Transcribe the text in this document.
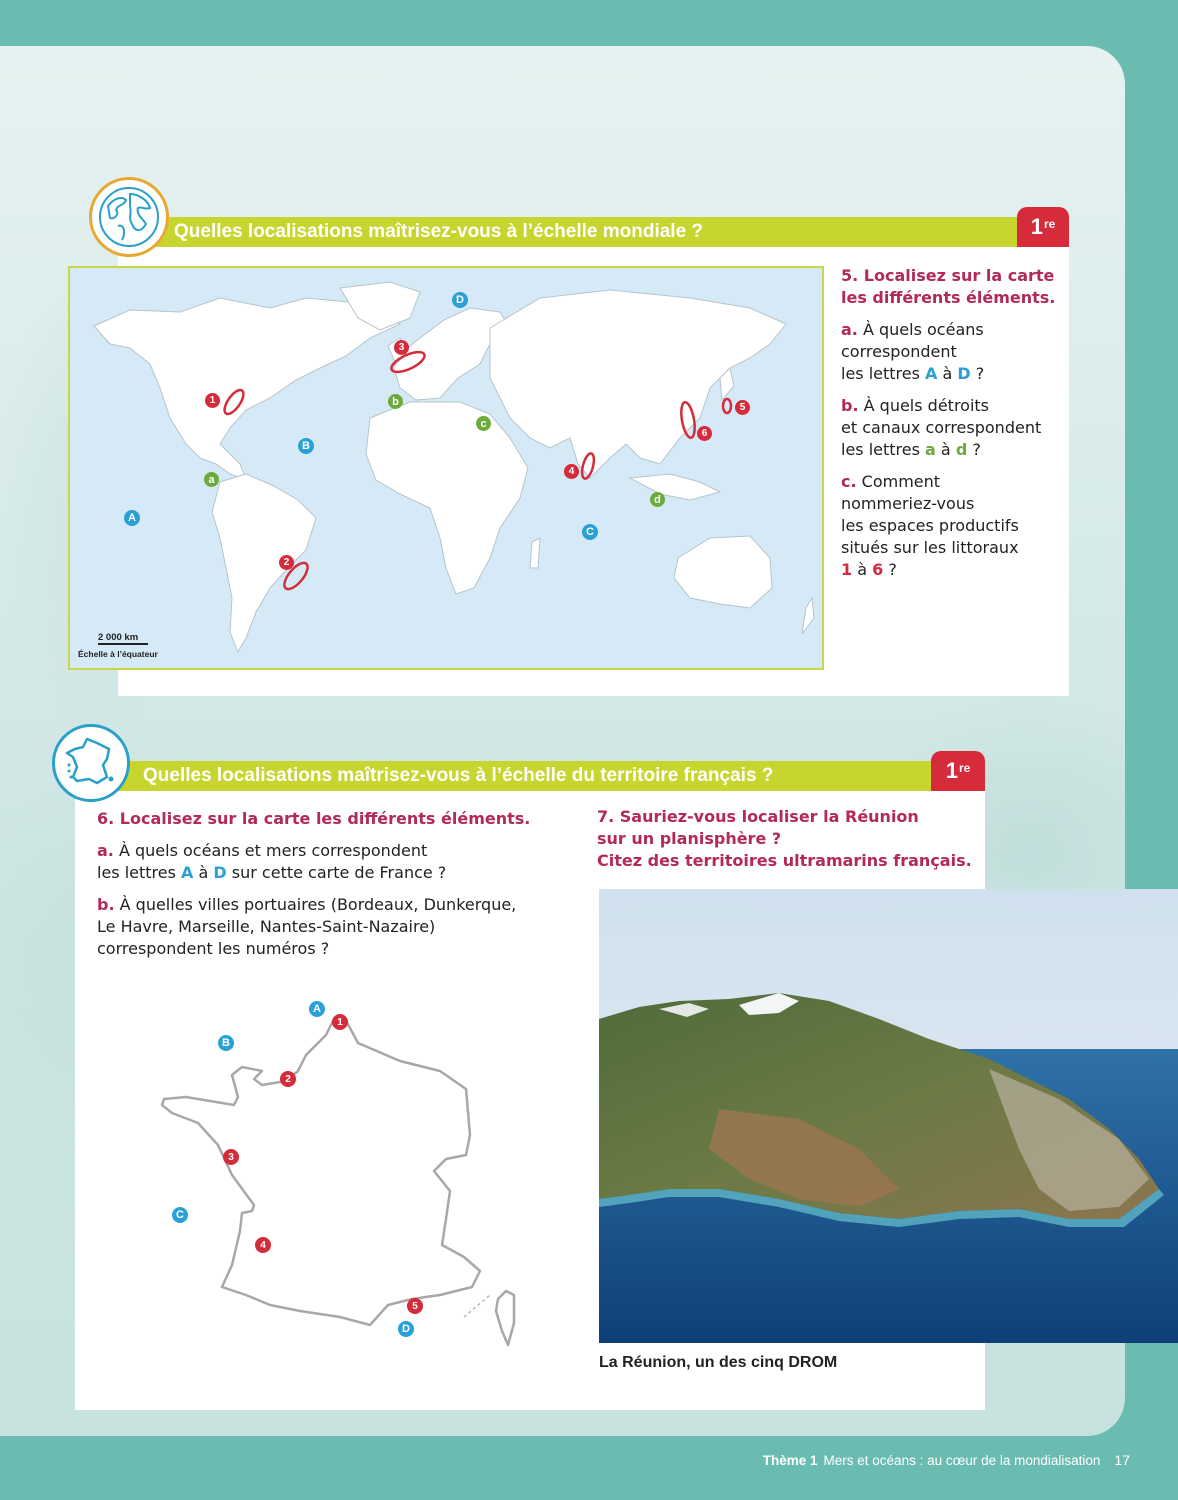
Quelles localisations maîtrisez-vous à l’échelle mondiale ?	1re
A
B
C
D
a
b
c
d
1
2
3
4
5
6
2 000 km
Échelle à l’équateur
5. Localisez sur la carte
les différents éléments.
a. À quels océans
correspondent
les lettres A à D ?
b. À quels détroits
et canaux correspondent
les lettres a à d ?
c. Comment
nommeriez-vous
les espaces productifs
situés sur les littoraux
1 à 6 ?
Quelles localisations maîtrisez-vous à l’échelle du territoire français ?	1re
6. Localisez sur la carte les différents éléments.
a. À quels océans et mers correspondent
les lettres A à D sur cette carte de France ?
b. À quelles villes portuaires (Bordeaux, Dunkerque,
Le Havre, Marseille, Nantes-Saint-Nazaire)
correspondent les numéros ?
A
B
C
D
1
2
3
4
5
7. Sauriez-vous localiser la Réunion
sur un planisphère ?
Citez des territoires ultramarins français.
La Réunion, un des cinq DROM
Thème 1 Mers et océans : au cœur de la mondialisation 17
